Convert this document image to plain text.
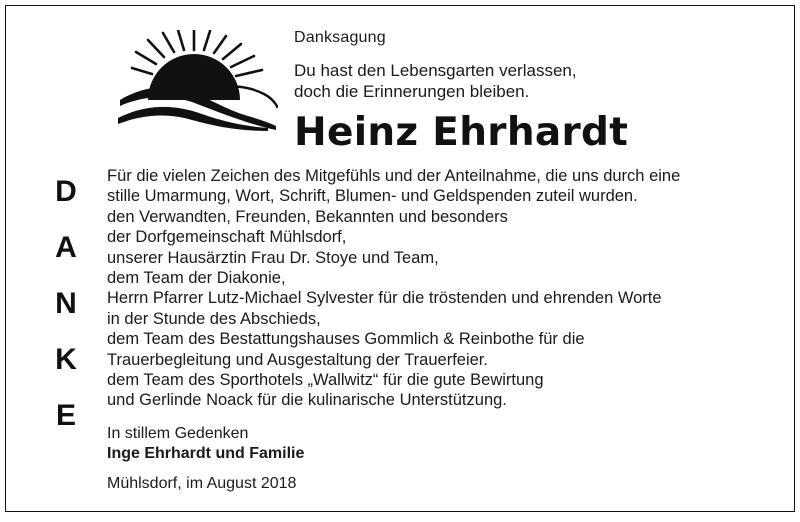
Danksagung
Du hast den Lebensgarten verlassen,
doch die Erinnerungen bleiben.
Heinz Ehrhardt
D
A
N
K
E
Für die vielen Zeichen des Mitgefühls und der Anteilnahme, die uns durch eine
stille Umarmung, Wort, Schrift, Blumen- und Geldspenden zuteil wurden.
den Verwandten, Freunden, Bekannten und besonders
der Dorfgemeinschaft Mühlsdorf,
unserer Hausärztin Frau Dr. Stoye und Team,
dem Team der Diakonie,
Herrn Pfarrer Lutz-Michael Sylvester für die tröstenden und ehrenden Worte
in der Stunde des Abschieds,
dem Team des Bestattungshauses Gommlich & Reinbothe für die
Trauerbegleitung und Ausgestaltung der Trauerfeier.
dem Team des Sporthotels „Wallwitz“ für die gute Bewirtung
und Gerlinde Noack für die kulinarische Unterstützung.
In stillem Gedenken
Inge Ehrhardt und Familie
Mühlsdorf, im August 2018
